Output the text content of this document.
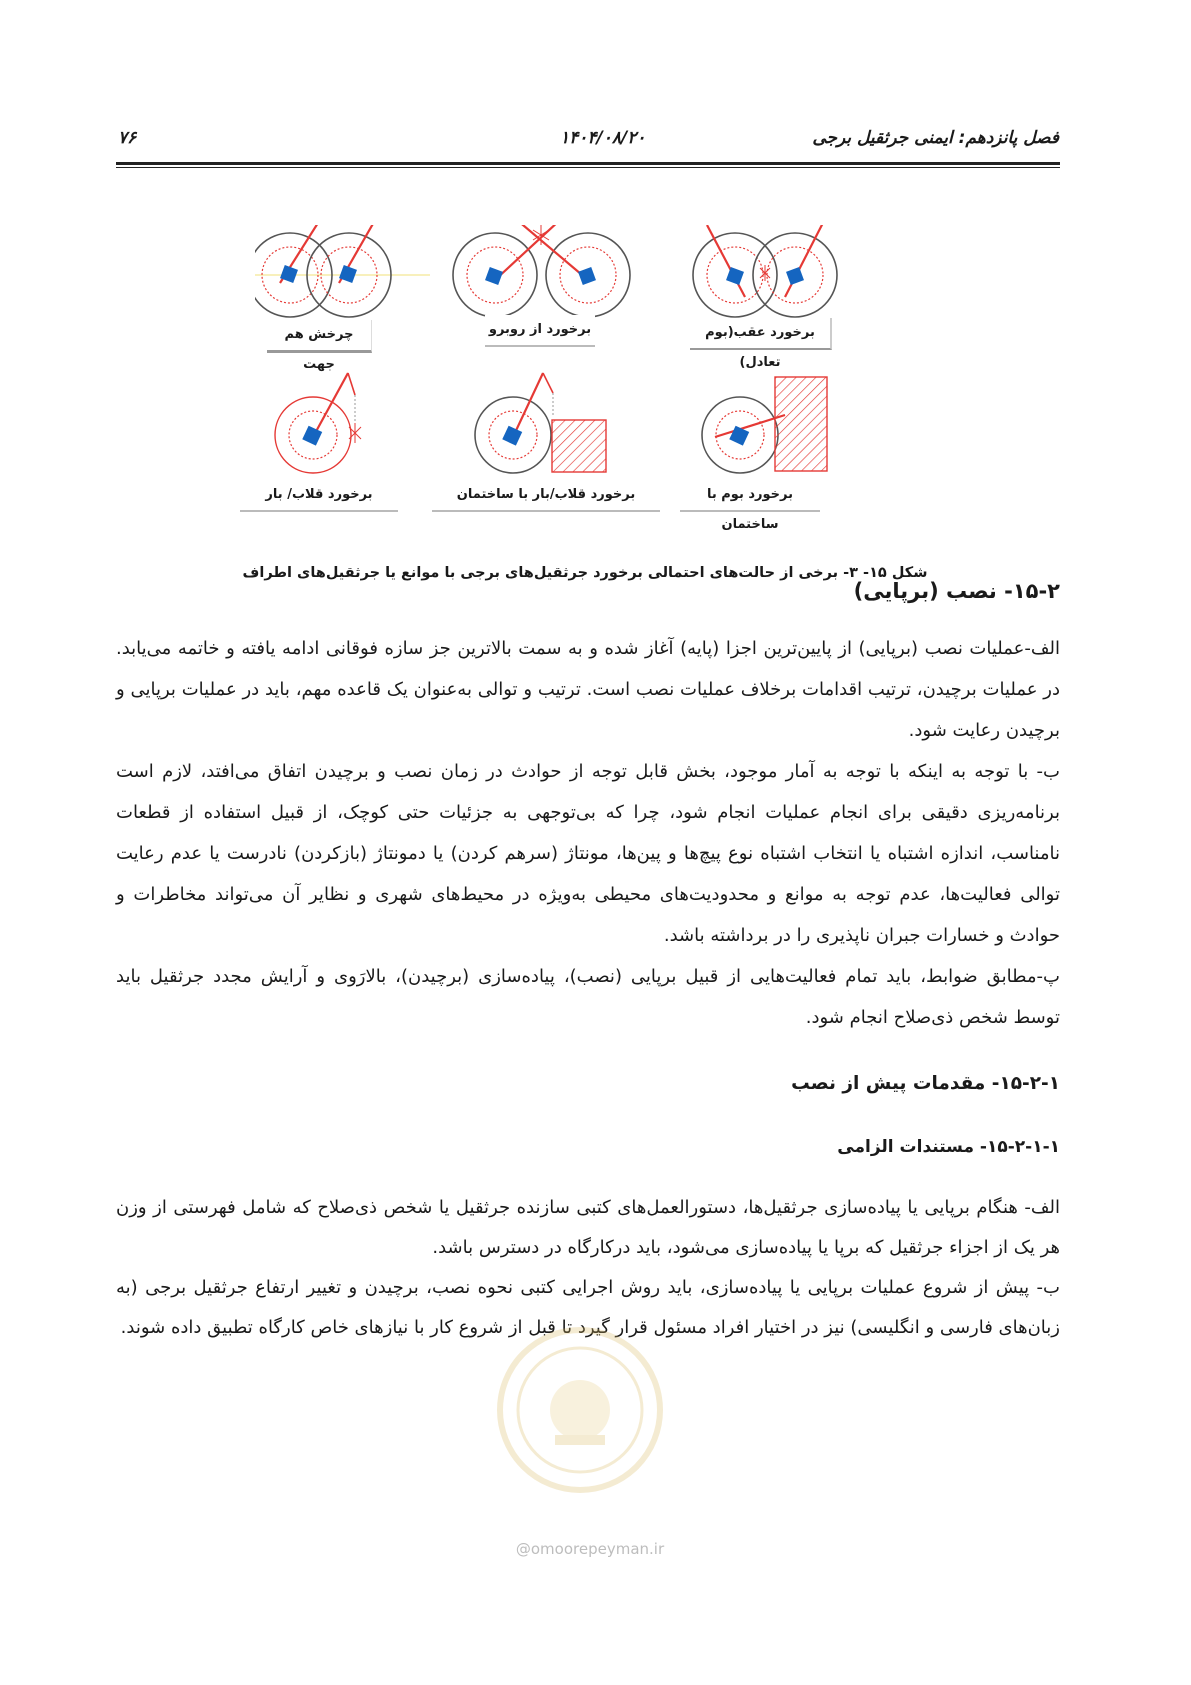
۷۶	۱۴۰۴/۰۸/۲۰	فصل پانزدهم: ایمنی جرثقیل برجی
چرخش هم جهت
برخورد از روبرو	برخورد عقب(بوم تعادل)
برخورد قلاب/ بار	برخورد قلاب/بار با ساختمان	برخورد بوم با ساختمان
شکل ۱۵- ۳- برخی از حالت‌های احتمالی برخورد جرثقیل‌های برجی با موانع یا جرثقیل‌های اطراف

۱۵-۲- نصب (برپایی)

الف-عملیات نصب (برپایی) از پایین‌ترین اجزا (پایه) آغاز شده و به سمت بالاترین جز سازه فوقانی ادامه یافته و خاتمه می‌یابد. در عملیات برچیدن، ترتیب اقدامات برخلاف عملیات نصب است. ترتیب و توالی به‌عنوان یک قاعده مهم، باید در عملیات برپایی و برچیدن رعایت شود.

ب- با توجه به اینکه با توجه به آمار موجود، بخش قابل توجه از حوادث در زمان نصب و برچیدن اتفاق می‌افتد، لازم است برنامه‌ریزی دقیقی برای انجام عملیات انجام شود، چرا که بی‌توجهی به جزئیات حتی کوچک، از قبیل استفاده از قطعات نامناسب، اندازه اشتباه یا انتخاب اشتباه نوع پیچ‌ها و پین‌ها، مونتاژ (سرهم کردن) یا دمونتاژ (بازکردن) نادرست یا عدم رعایت توالی فعالیت‌ها، عدم توجه به موانع و محدودیت‌های محیطی به‌ویژه در محیط‌های شهری و نظایر آن می‌تواند مخاطرات و حوادث و خسارات جبران ناپذیری را در برداشته باشد.

پ-مطابق ضوابط، باید تمام فعالیت‌هایی از قبیل برپایی (نصب)، پیاده‌سازی (برچیدن)، بالارَوی و آرایش مجدد جرثقیل باید توسط شخص ذی‌صلاح انجام شود.

۱۵-۲-۱- مقدمات پیش از نصب

۱۵-۲-۱-۱- مستندات الزامی

الف- هنگام برپایی یا پیاده‌سازی جرثقیل‌ها، دستورالعمل‌های کتبی سازنده جرثقیل یا شخص ذی‌صلاح که شامل فهرستی از وزن هر یک از اجزاء جرثقیل که برپا یا پیاده‌سازی می‌شود، باید درکارگاه در دسترس باشد.

ب- پیش از شروع عملیات برپایی یا پیاده‌سازی، باید روش اجرایی کتبی نحوه نصب، برچیدن و تغییر ارتفاع جرثقیل برجی (به زبان‌های فارسی و انگلیسی) نیز در اختیار افراد مسئول قرار گیرد تا قبل از شروع کار با نیازهای خاص کارگاه تطبیق داده شوند.

@omoorepeyman.ir
